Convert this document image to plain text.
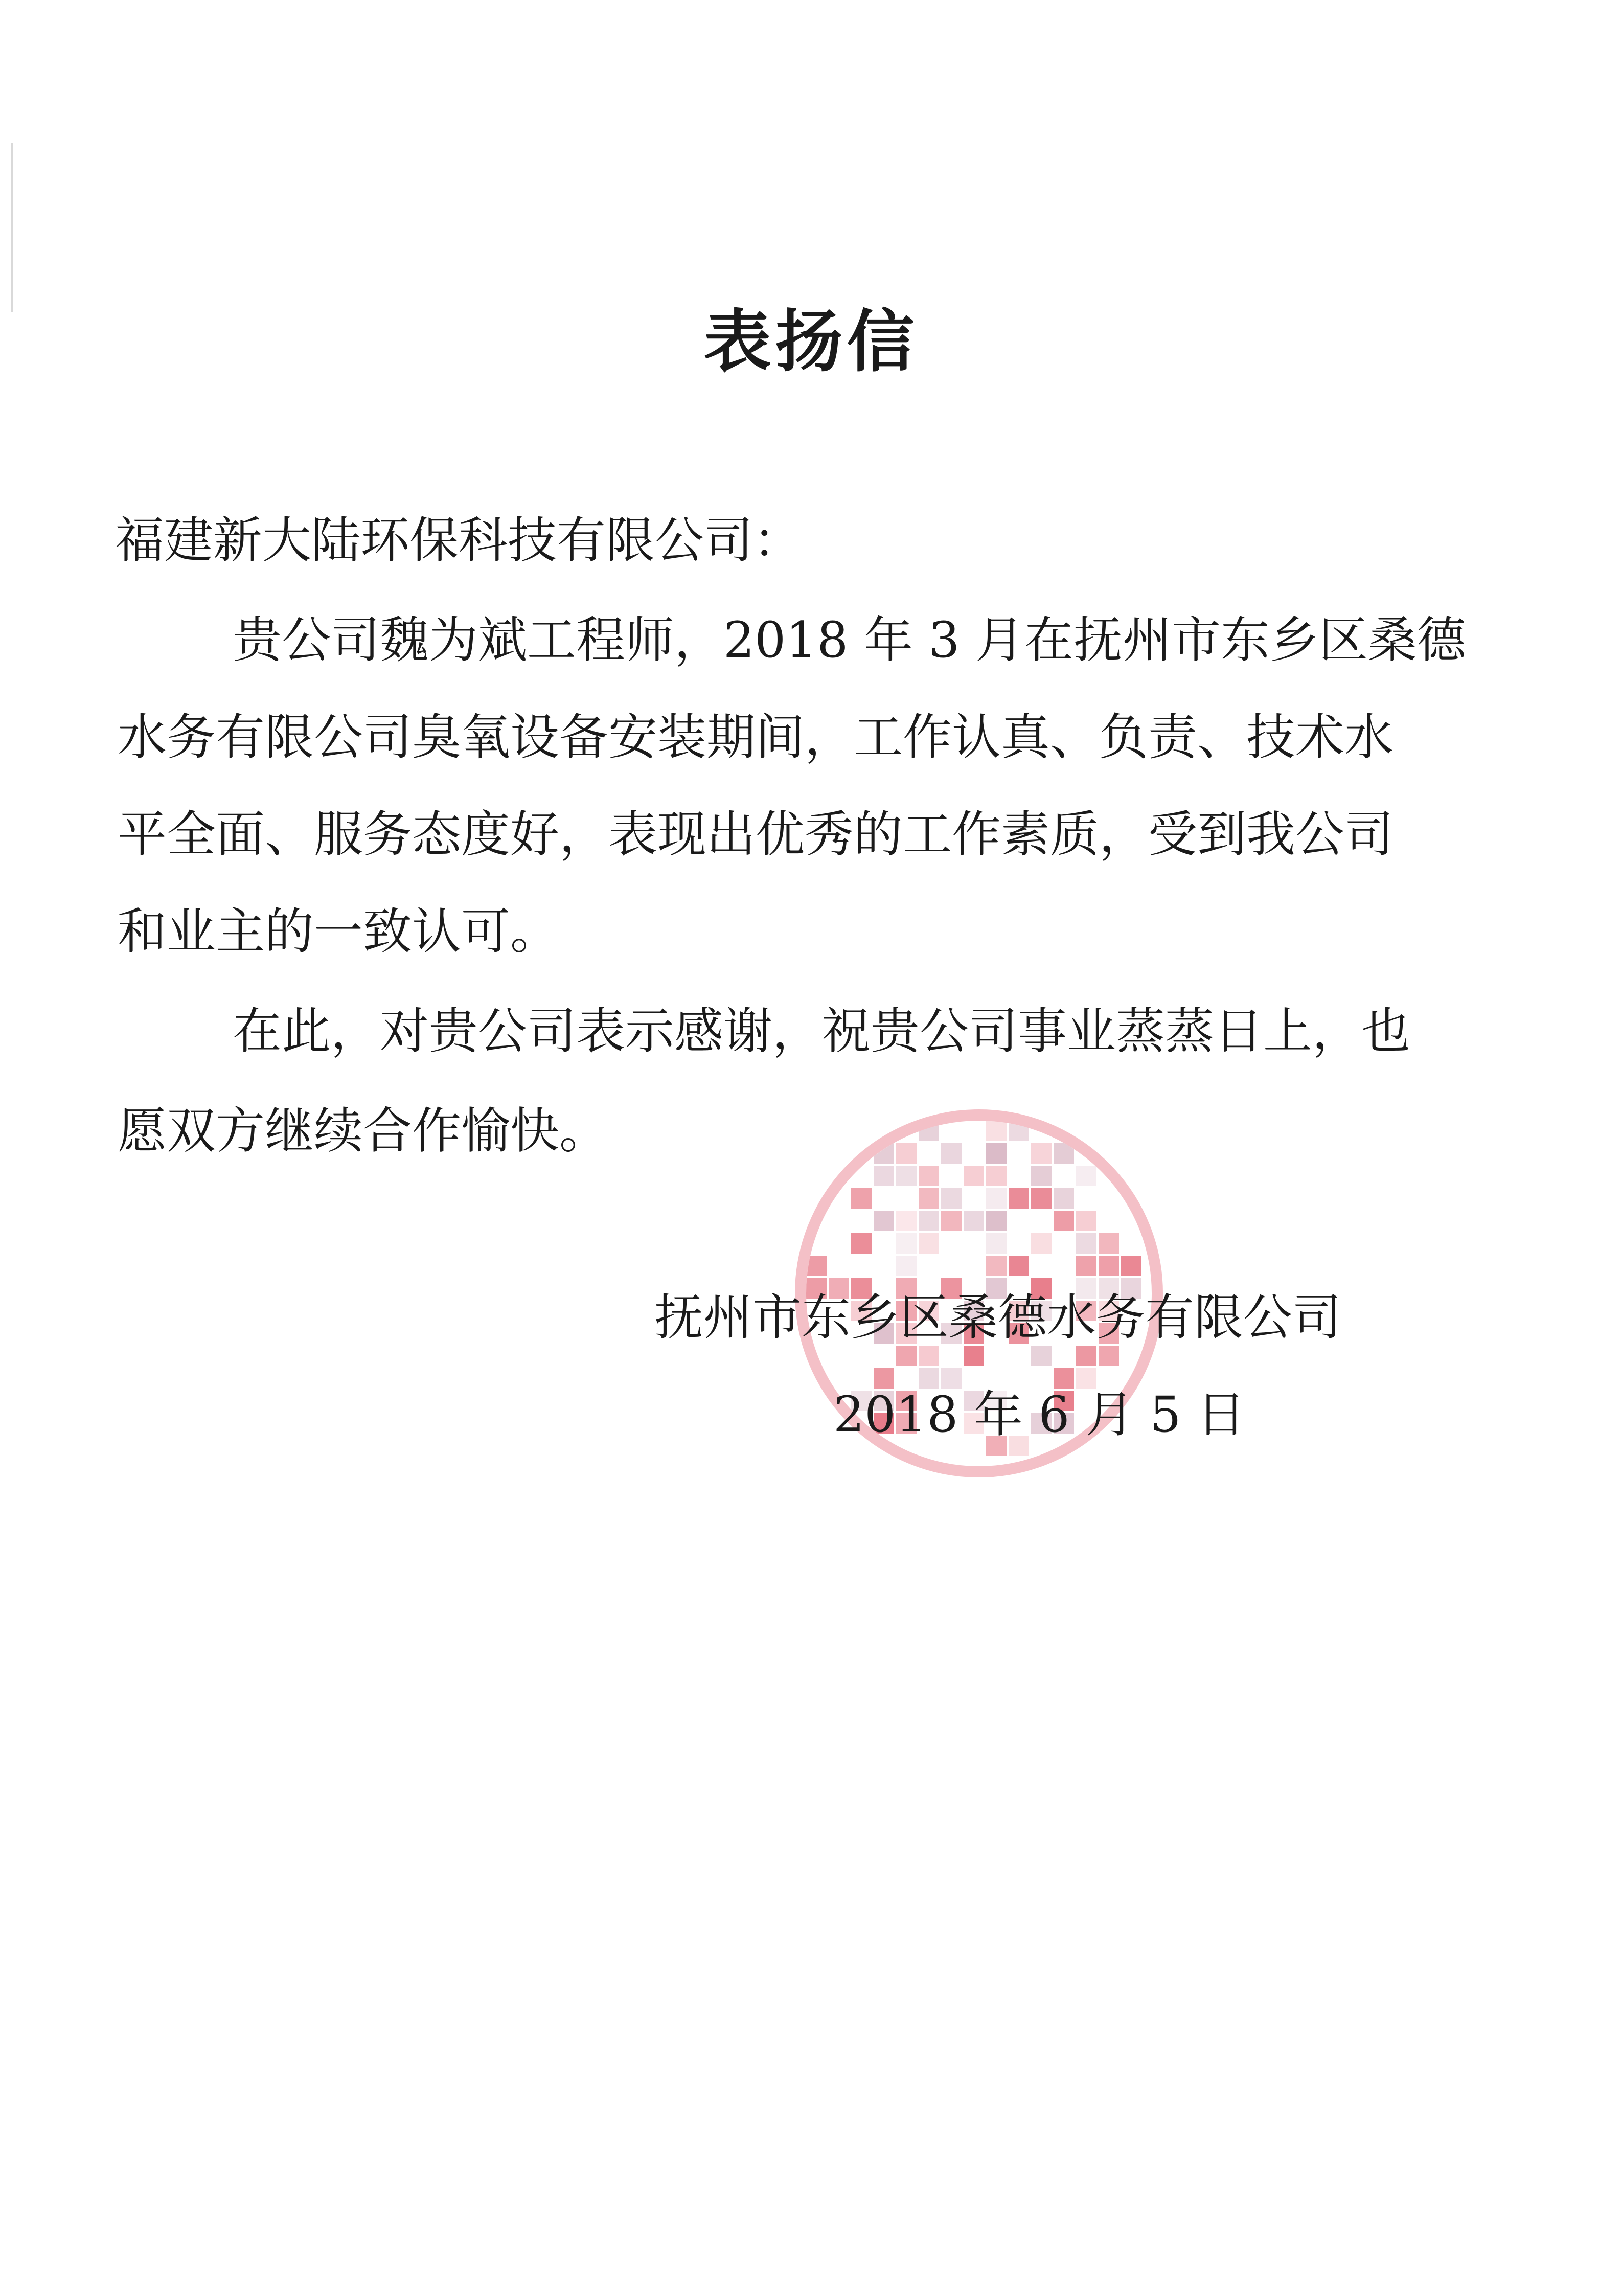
表扬信
福建新大陆环保科技有限公司：
贵公司魏为斌工程师，2018 年 3 月在抚州市东乡区桑德
水务有限公司臭氧设备安装期间，工作认真、负责、技术水
平全面、服务态度好，表现出优秀的工作素质，受到我公司
和业主的一致认可。
在此，对贵公司表示感谢，祝贵公司事业蒸蒸日上，也
愿双方继续合作愉快。
抚州市东乡区桑德水务有限公司
2018 年 6 月 5 日
